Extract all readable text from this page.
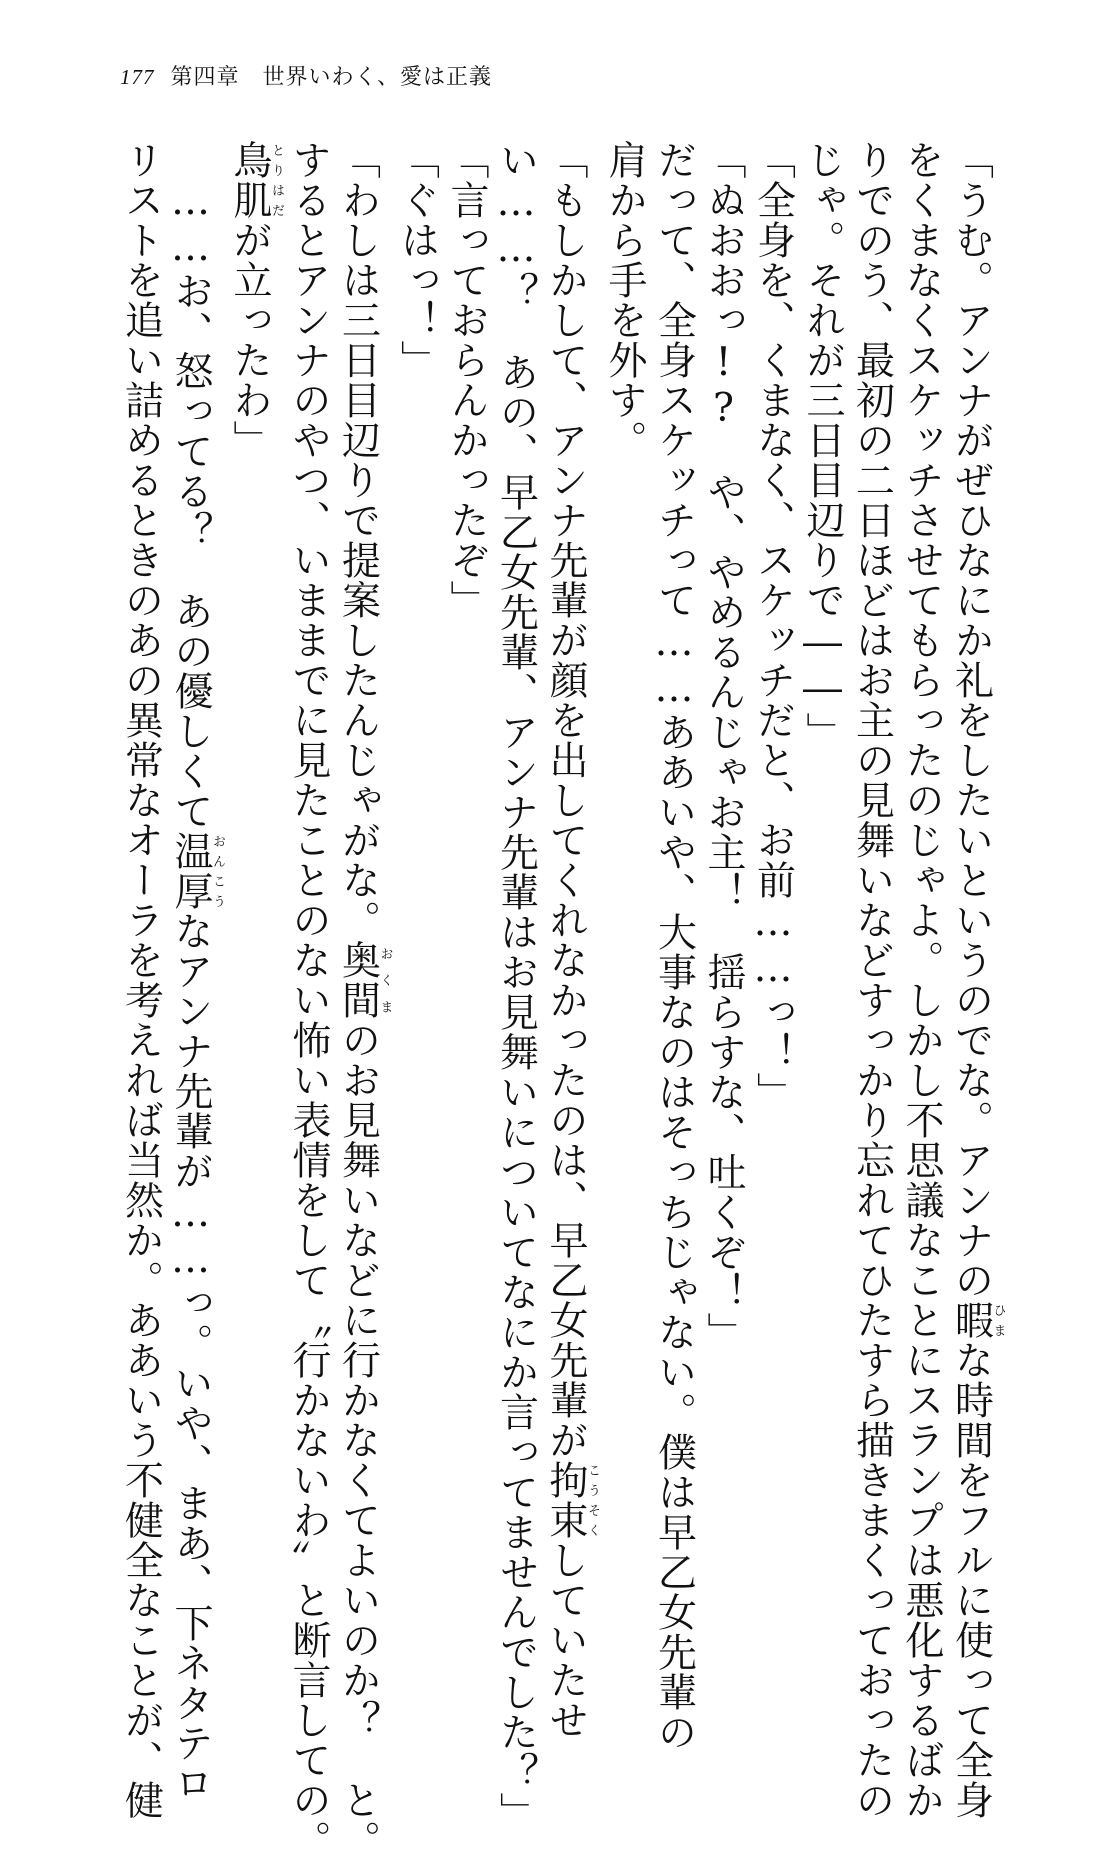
177 第四章　世界いわく、愛は正義
「うむ。アンナがぜひなにか礼をしたいというのでな。アンナの暇ひまな時間をフルに使って全身
をくまなくスケッチさせてもらったのじゃよ。しかし不思議なことにスランプは悪化するばか
りでのう、最初の二日ほどはお主の見舞いなどすっかり忘れてひたすら描きまくっておったの
じゃ。それが三日目辺りで――」
「全身を、くまなく、スケッチだと、お前……っ！」
「ぬおおっ!?　や、やめるんじゃお主！　揺らすな、吐くぞ！」
だって、全身スケッチって……ああいや、大事なのはそっちじゃない。僕は早乙女先輩の
肩から手を外す。
「もしかして、アンナ先輩が顔を出してくれなかったのは、早乙女先輩が拘束こうそくしていたせ
い……？　あの、早乙女先輩、アンナ先輩はお見舞いについてなにか言ってませんでした？」
「言っておらんかったぞ」
「ぐはっ！」
「わしは三日目辺りで提案したんじゃがな。奥間おくまのお見舞いなどに行かなくてよいのか？　と。
するとアンナのやつ、いままでに見たことのない怖い表情をして〝行かないわ〟と断言しての。
鳥肌とりはだが立ったわ」
……お、怒ってる？　あの優しくて温厚おんこうなアンナ先輩が……っ。いや、まあ、下ネタテロ
リストを追い詰めるときのあの異常なオーラを考えれば当然か。ああいう不健全なことが、健
